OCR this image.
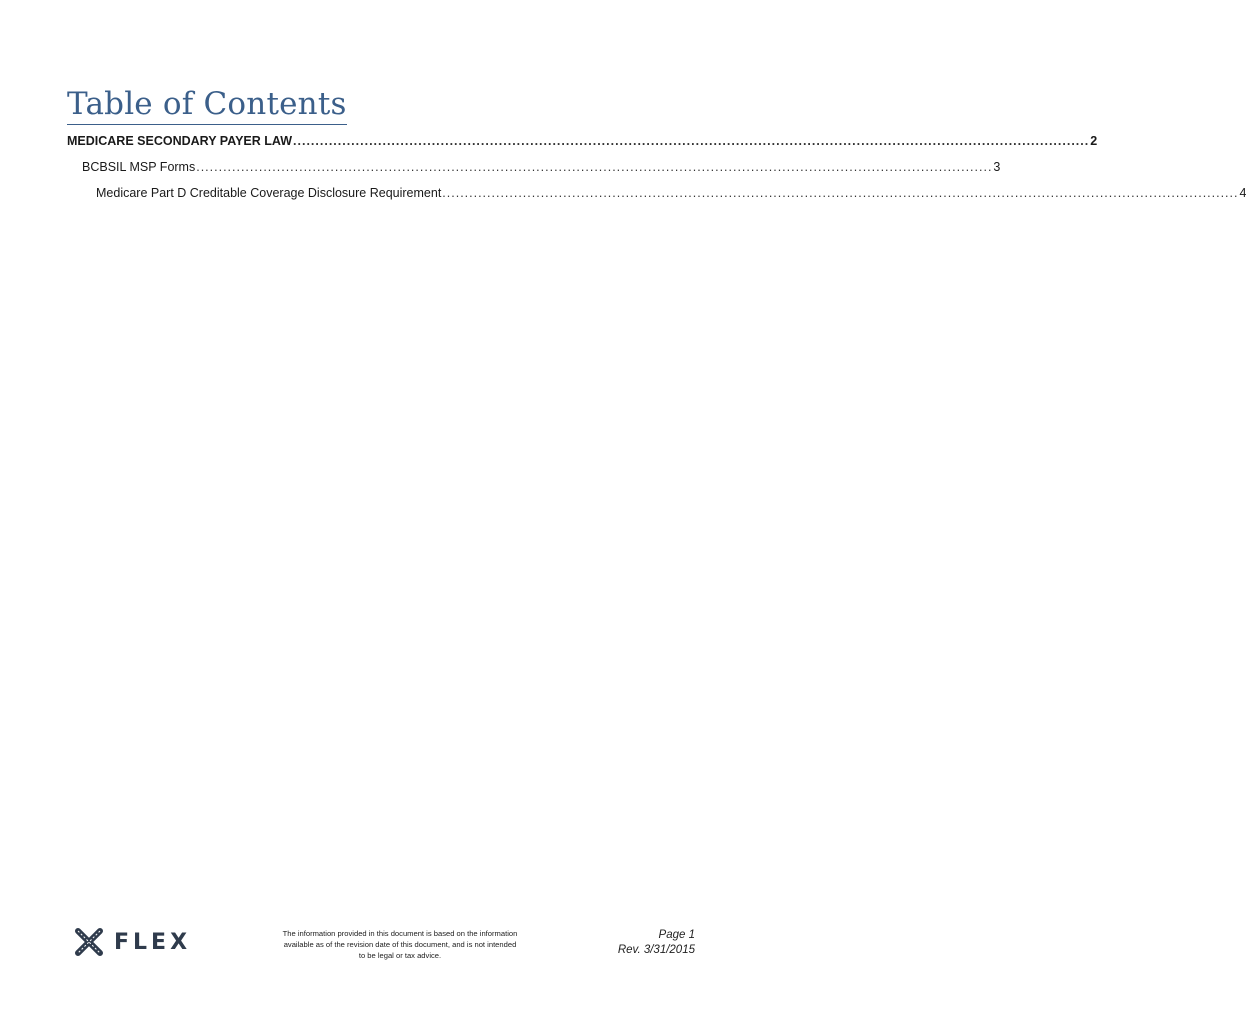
Table of Contents
MEDICARE SECONDARY PAYER LAW .................................................................................................................................................................................. 2
BCBSIL MSP Forms .................................................................................................................................................................................. 3
Medicare Part D Creditable Coverage Disclosure Requirement .................................................................................................................................................................................. 4
FLEX	The information provided in this document is based on the information
available as of the revision date of this document, and is not intended
to be legal or tax advice.
Page 1
Rev. 3/31/2015
